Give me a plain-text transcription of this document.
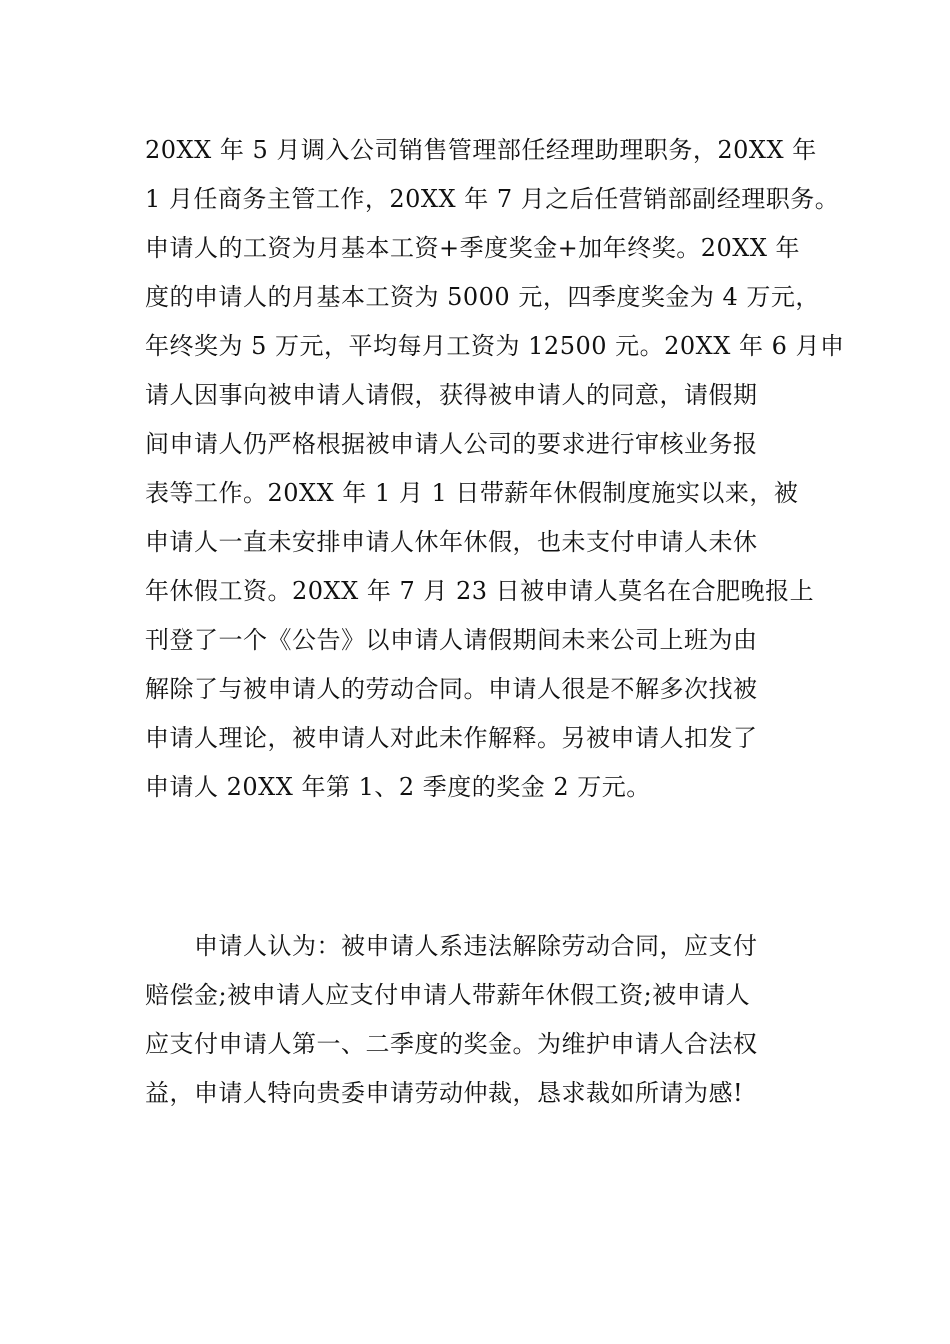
20XX 年 5 月调入公司销售管理部任经理助理职务，20XX 年
1 月任商务主管工作，20XX 年 7 月之后任营销部副经理职务。
申请人的工资为月基本工资+季度奖金+加年终奖。20XX 年
度的申请人的月基本工资为 5000 元，四季度奖金为 4 万元，
年终奖为 5 万元，平均每月工资为 12500 元。20XX 年 6 月申
请人因事向被申请人请假，获得被申请人的同意，请假期
间申请人仍严格根据被申请人公司的要求进行审核业务报
表等工作。20XX 年 1 月 1 日带薪年休假制度施实以来，被
申请人一直未安排申请人休年休假，也未支付申请人未休
年休假工资。20XX 年 7 月 23 日被申请人莫名在合肥晚报上
刊登了一个《公告》以申请人请假期间未来公司上班为由
解除了与被申请人的劳动合同。申请人很是不解多次找被
申请人理论，被申请人对此未作解释。另被申请人扣发了
申请人 20XX 年第 1、2 季度的奖金 2 万元。
　　申请人认为：被申请人系违法解除劳动合同，应支付
赔偿金;被申请人应支付申请人带薪年休假工资;被申请人
应支付申请人第一、二季度的奖金。为维护申请人合法权
益，申请人特向贵委申请劳动仲裁，恳求裁如所请为感!
